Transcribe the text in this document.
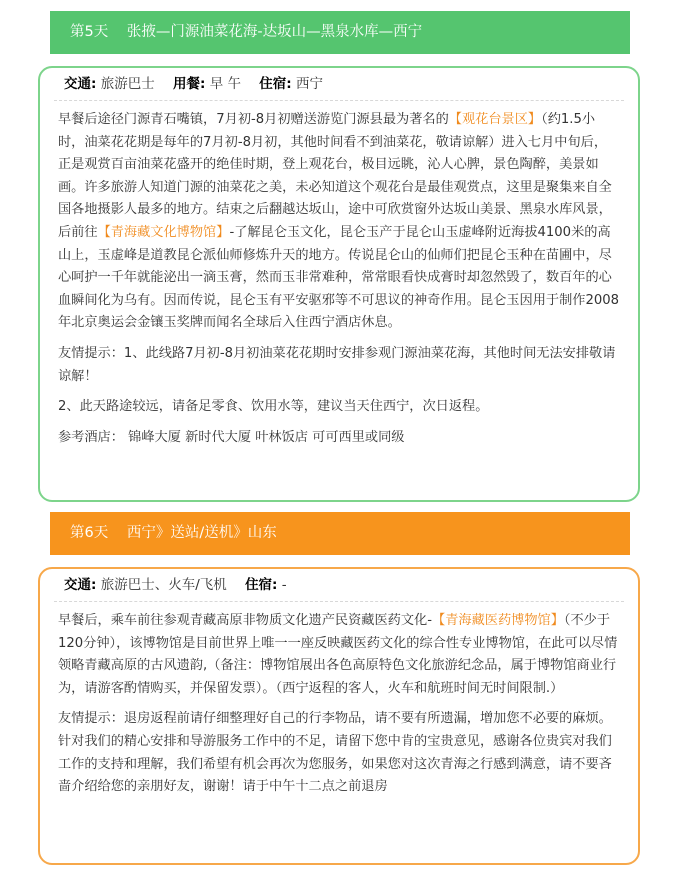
第5天 张掖—门源油菜花海-达坂山—黑泉水库—西宁
交通: 旅游巴士 用餐: 早 午 住宿: 西宁

早餐后途径门源青石嘴镇，7月初-8月初赠送游览门源县最为著名的【观花台景区】（约1.5小时，油菜花花期是每年的7月初-8月初，其他时间看不到油菜花，敬请谅解）进入七月中旬后，正是观赏百亩油菜花盛开的绝佳时期，登上观花台，极目远眺，沁人心脾，景色陶醉，美景如画。许多旅游人知道门源的油菜花之美，未必知道这个观花台是最佳观赏点，这里是聚集来自全国各地摄影人最多的地方。结束之后翻越达坂山，途中可欣赏窗外达坂山美景、黑泉水库风景，后前往【青海藏文化博物馆】-了解昆仑玉文化，昆仑玉产于昆仑山玉虚峰附近海拔4100米的高山上，玉虚峰是道教昆仑派仙师修炼升天的地方。传说昆仑山的仙师们把昆仑玉种在苗圃中，尽心呵护一千年就能泌出一滴玉膏，然而玉非常难种，常常眼看快成膏时却忽然毁了，数百年的心血瞬间化为乌有。因而传说，昆仑玉有平安驱邪等不可思议的神奇作用。昆仑玉因用于制作2008年北京奥运会金镶玉奖牌而闻名全球后入住西宁酒店休息。

友情提示：1、此线路7月初-8月初油菜花花期时安排参观门源油菜花海，其他时间无法安排敬请谅解！

2、此天路途较远，请备足零食、饮用水等，建议当天住西宁，次日返程。

参考酒店： 锦峰大厦 新时代大厦 叶林饭店 可可西里或同级

第6天 西宁》送站/送机》山东
交通: 旅游巴士、火车/飞机 住宿: -

早餐后，乘车前往参观青藏高原非物质文化遗产民资藏医药文化-【青海藏医药博物馆】（不少于120分钟），该博物馆是目前世界上唯一一座反映藏医药文化的综合性专业博物馆，在此可以尽情领略青藏高原的古风遗韵,（备注：博物馆展出各色高原特色文化旅游纪念品，属于博物馆商业行为，请游客酌情购买，并保留发票）。（西宁返程的客人，火车和航班时间无时间限制.）

友情提示：退房返程前请仔细整理好自己的行李物品，请不要有所遗漏，增加您不必要的麻烦。针对我们的精心安排和导游服务工作中的不足，请留下您中肯的宝贵意见，感谢各位贵宾对我们工作的支持和理解，我们希望有机会再次为您服务，如果您对这次青海之行感到满意，请不要吝啬介绍给您的亲朋好友，谢谢！请于中午十二点之前退房
